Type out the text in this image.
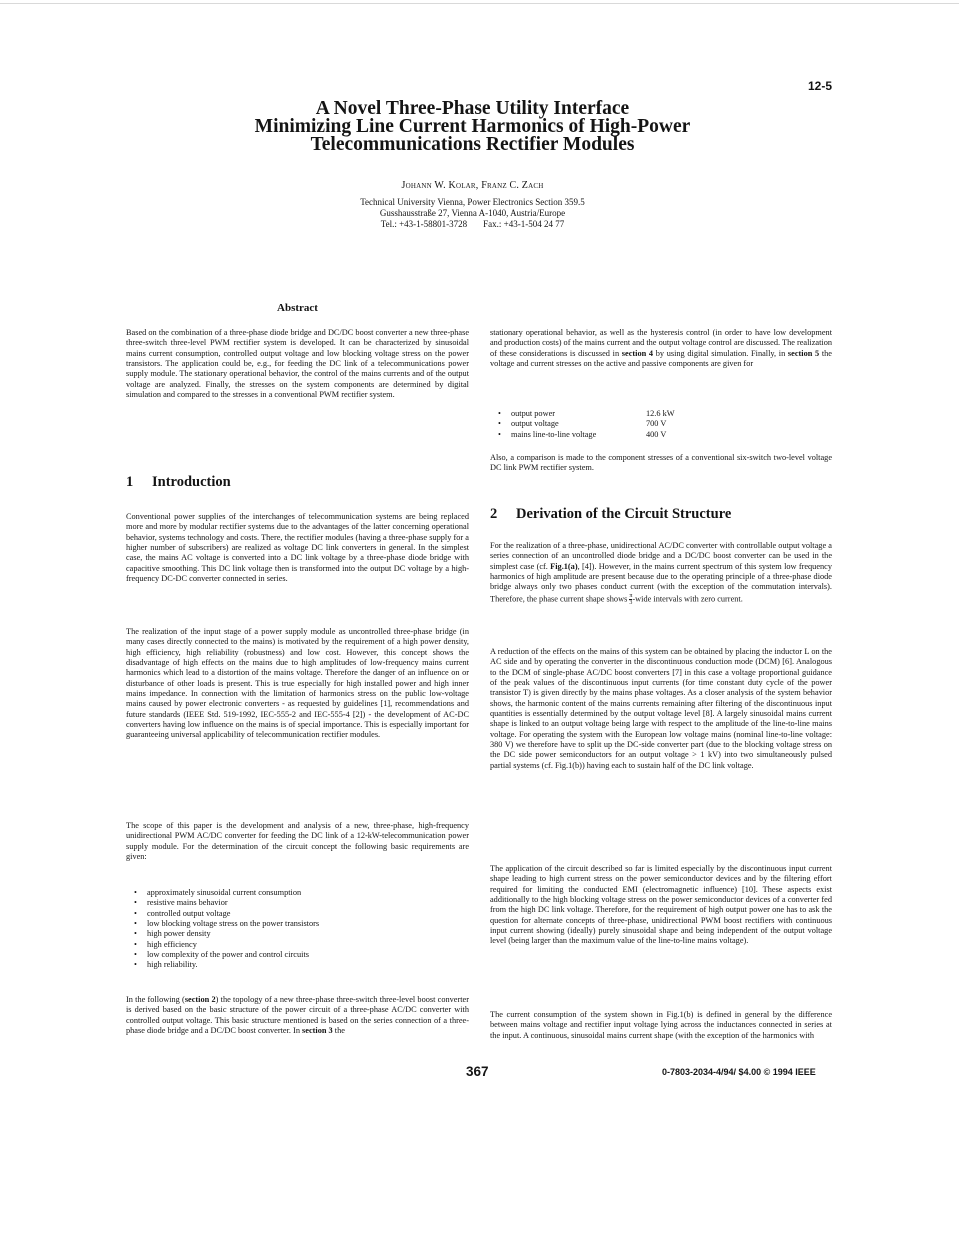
12-5
A Novel Three-Phase Utility Interface
Minimizing Line Current Harmonics of High-Power
Telecommunications Rectifier Modules
Johann W. Kolar, Franz C. Zach
Technical University Vienna, Power Electronics Section 359.5
Gusshausstraße 27, Vienna A-1040, Austria/Europe
Tel.: +43-1-58801-3728 Fax.: +43-1-504 24 77
Abstract

Based on the combination of a three-phase diode bridge and DC/DC boost converter a new three-phase three-switch three-level PWM rectifier system is developed. It can be characterized by sinusoidal mains current consumption, controlled output voltage and low blocking voltage stress on the power transistors. The application could be, e.g., for feeding the DC link of a telecommunications power supply module. The stationary operational behavior, the control of the mains currents and of the output voltage are analyzed. Finally, the stresses on the system components are determined by digital simulation and compared to the stresses in a conventional PWM rectifier system.

1 Introduction

Conventional power supplies of the interchanges of telecommunication systems are being replaced more and more by modular rectifier systems due to the advantages of the latter concerning operational behavior, systems technology and costs. There, the rectifier modules (having a three-phase supply for a higher number of subscribers) are realized as voltage DC link converters in general. In the simplest case, the mains AC voltage is converted into a DC link voltage by a three-phase diode bridge with capacitive smoothing. This DC link voltage then is transformed into the output DC voltage by a high-frequency DC-DC converter connected in series.

The realization of the input stage of a power supply module as uncontrolled three-phase bridge (in many cases directly connected to the mains) is motivated by the requirement of a high power density, high efficiency, high reliability (robustness) and low cost. However, this concept shows the disadvantage of high effects on the mains due to high amplitudes of low-frequency mains current harmonics which lead to a distortion of the mains voltage. Therefore the danger of an influence on or disturbance of other loads is present. This is true especially for high installed power and high inner mains impedance. In connection with the limitation of harmonics stress on the public low-voltage mains caused by power electronic converters - as requested by guidelines [1], recommendations and future standards (IEEE Std. 519-1992, IEC-555-2 and IEC-555-4 [2]) - the development of AC-DC converters having low influence on the mains is of special importance. This is especially important for guaranteeing universal applicability of telecommunication rectifier modules.

The scope of this paper is the development and analysis of a new, three-phase, high-frequency unidirectional PWM AC/DC converter for feeding the DC link of a 12-kW-telecommunication power supply module. For the determination of the circuit concept the following basic requirements are given:

• approximately sinusoidal current consumption
• resistive mains behavior
• controlled output voltage
• low blocking voltage stress on the power transistors
• high power density
• high efficiency
• low complexity of the power and control circuits
• high reliability.

In the following (section 2) the topology of a new three-phase three-switch three-level boost converter is derived based on the basic structure of the power circuit of a three-phase AC/DC converter with controlled output voltage. This basic structure mentioned is based on the series connection of a three-phase diode bridge and a DC/DC boost converter. In section 3 the

stationary operational behavior, as well as the hysteresis control (in order to have low development and production costs) of the mains current and the output voltage control are discussed. The realization of these considerations is discussed in section 4 by using digital simulation. Finally, in section 5 the voltage and current stresses on the active and passive components are given for

• output power	12.6 kW
• output voltage	700 V
• mains line-to-line voltage	400 V

Also, a comparison is made to the component stresses of a conventional six-switch two-level voltage DC link PWM rectifier system.

2 Derivation of the Circuit Structure

For the realization of a three-phase, unidirectional AC/DC converter with controllable output voltage a series connection of an uncontrolled diode bridge and a DC/DC boost converter can be used in the simplest case (cf. Fig.1(a), [4]). However, in the mains current spectrum of this system low frequency harmonics of high amplitude are present because due to the operating principle of a three-phase diode bridge always only two phases conduct current (with the exception of the commutation intervals). Therefore, the phase current shape shows $\frac{\pi}{3}$ -wide intervals with zero current.

A reduction of the effects on the mains of this system can be obtained by placing the inductor L on the AC side and by operating the converter in the discontinuous conduction mode (DCM) [6]. Analogous to the DCM of single-phase AC/DC boost converters [7] in this case a voltage proportional guidance of the peak values of the discontinuous input currents (for time constant duty cycle of the power transistor T) is given directly by the mains phase voltages. As a closer analysis of the system behavior shows, the harmonic content of the mains currents remaining after filtering of the discontinuous input quantities is essentially determined by the output voltage level [8]. A largely sinusoidal mains current shape is linked to an output voltage being large with respect to the amplitude of the line-to-line mains voltage. For operating the system with the European low voltage mains (nominal line-to-line voltage: 380 V) we therefore have to split up the DC-side converter part (due to the blocking voltage stress on the DC side power semiconductors for an output voltage > 1 kV) into two simultaneously pulsed partial systems (cf. Fig.1(b)) having each to sustain half of the DC link voltage.

The application of the circuit described so far is limited especially by the discontinuous input current shape leading to high current stress on the power semiconductor devices and by the filtering effort required for limiting the conducted EMI (electromagnetic influence) [10]. These aspects exist additionally to the high blocking voltage stress on the power semiconductor devices of a converter fed from the high DC link voltage. Therefore, for the requirement of high output power one has to ask the question for alternate concepts of three-phase, unidirectional PWM boost rectifiers with continuous input current showing (ideally) purely sinusoidal shape and being independent of the output voltage level (being larger than the maximum value of the line-to-line mains voltage).

The current consumption of the system shown in Fig.1(b) is defined in general by the difference between mains voltage and rectifier input voltage lying across the inductances connected in series at the input. A continuous, sinusoidal mains current shape (with the exception of the harmonics with

367	0-7803-2034-4/94/ $4.00 © 1994 IEEE
